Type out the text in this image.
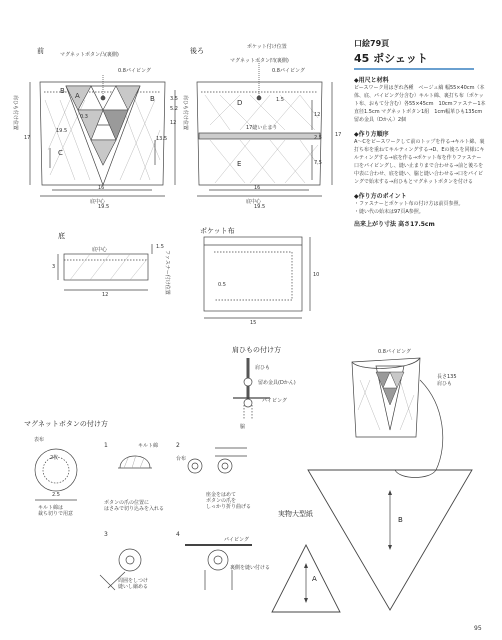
前	後ろ
底
ポケット布
肩ひもの付け方
マグネットボタンの付け方
実物大型紙
マグネットボタン凸(裏側)
0.8パイピング
肩ひも付け位置
底中心
19.5
16
17
19.5
13.5
12
5.2
3.5
0.3
B
A
C
B
ポケット付け位置
マグネットボタン凹(裏側)
0.8パイピング
肩ひも付け位置	1.5
17縫い止まり
底中心
19.5
16
17
12
7.5
2.5
D
E
底中心
12
3
1.5
ファスナー付け位置
15
10
0.5
肩ひも
留め金具(Dかん)
脇
パイピング
0.8パイピング
長さ135
肩ひも
表布
2枚
2.5
キルト綿は
裁ち切りで用意
1	キルト綿
ボタンの爪の位置に
はさみで切り込みを入れる
2
台布
座金をはめて
ボタンの爪を
しっかり折り曲げる
3
周囲をしつけ
縫いし縮める
4
パイピング
裏側を縫い付ける
B
A
口絵79頁
45 ポシェット
◆用尺と材料
ピースワーク用はぎれ各種　ベージュ縞 幅55×40cm（本体、底、パイピング分含む）キルト綿、裏打ち布（ポケット布、おもて分含む）各55×45cm　10cmファスナー1本　直径1.5cm マグネットボタン1組　1cm幅革ひも135cm　留め金具（Dかん）2個
◆作り方順序
A～Cをピースワークして前のトップを作る→キルト綿、裏打ち布を重ねてキルティングする→D、Eの後ろを同様にキルティングする→底を作る→ポケット布を作りファスナー口をパイピングし、縫い止まりまで合わせる→前と後ろを中表に合わせ、底を縫い、脇と縫い合わせる→口をパイピングで始末する→肩ひもとマグネットボタンを付ける
◆作り方のポイント
・ファスナーとポケット布の付け方は前頁参照。
・縫い代の始末は97頁A参照。
出来上がり寸法 高さ17.5cm
95
